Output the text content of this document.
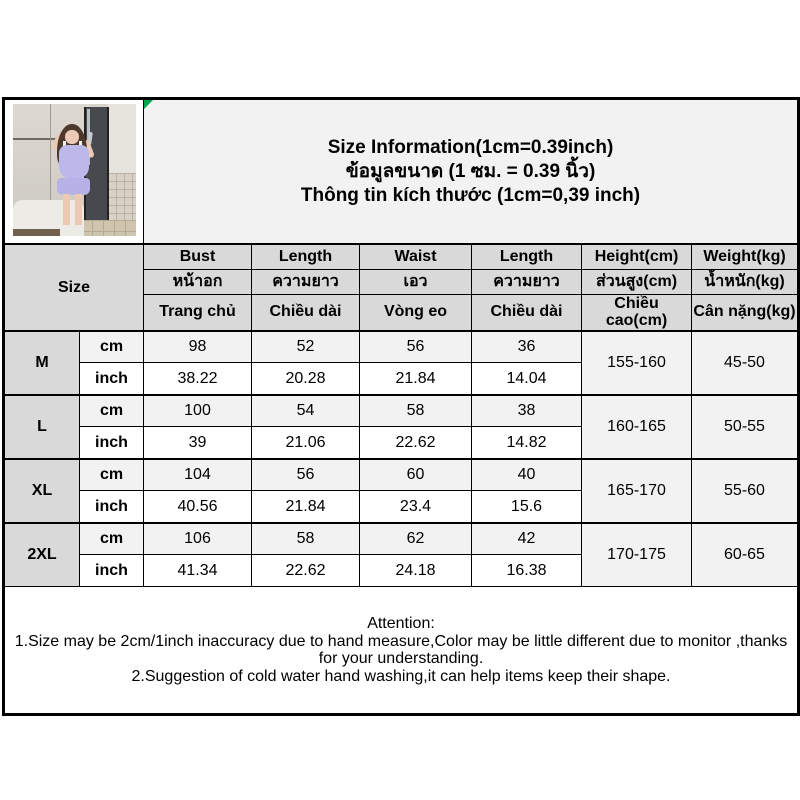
		Size Information(1cm=0.39inch)
ข้อมูลขนาด (1 ซม. = 0.39 นิ้ว)
Thông tin kích thước (1cm=0,39 inch)					

Size		Bust	Length	Waist	Length	Height(cm)	Weight(kg)
		หน้าอก	ความยาว	เอว	ความยาว	ส่วนสูง(cm)	น้ำหนัก(kg)
		Trang chủ	Chiều dài	Vòng eo	Chiều dài	Chiều cao(cm)	Cân nặng(kg)
M	cm	98	52	56	36	155-160	45-50
	inch	38.22	20.28	21.84	14.04		
L	cm	100	54	58	38	160-165	50-55
	inch	39	21.06	22.62	14.82		
XL	cm	104	56	60	40	165-170	55-60
	inch	40.56	21.84	23.4	15.6		
2XL	cm	106	58	62	42	170-175	60-65
	inch	41.34	22.62	24.18	16.38		

Attention:
1.Size may be 2cm/1inch inaccuracy due to hand measure,Color may be little different due to monitor ,thanks for your understanding.
2.Suggestion of cold water hand washing,it can help items keep their shape.							
